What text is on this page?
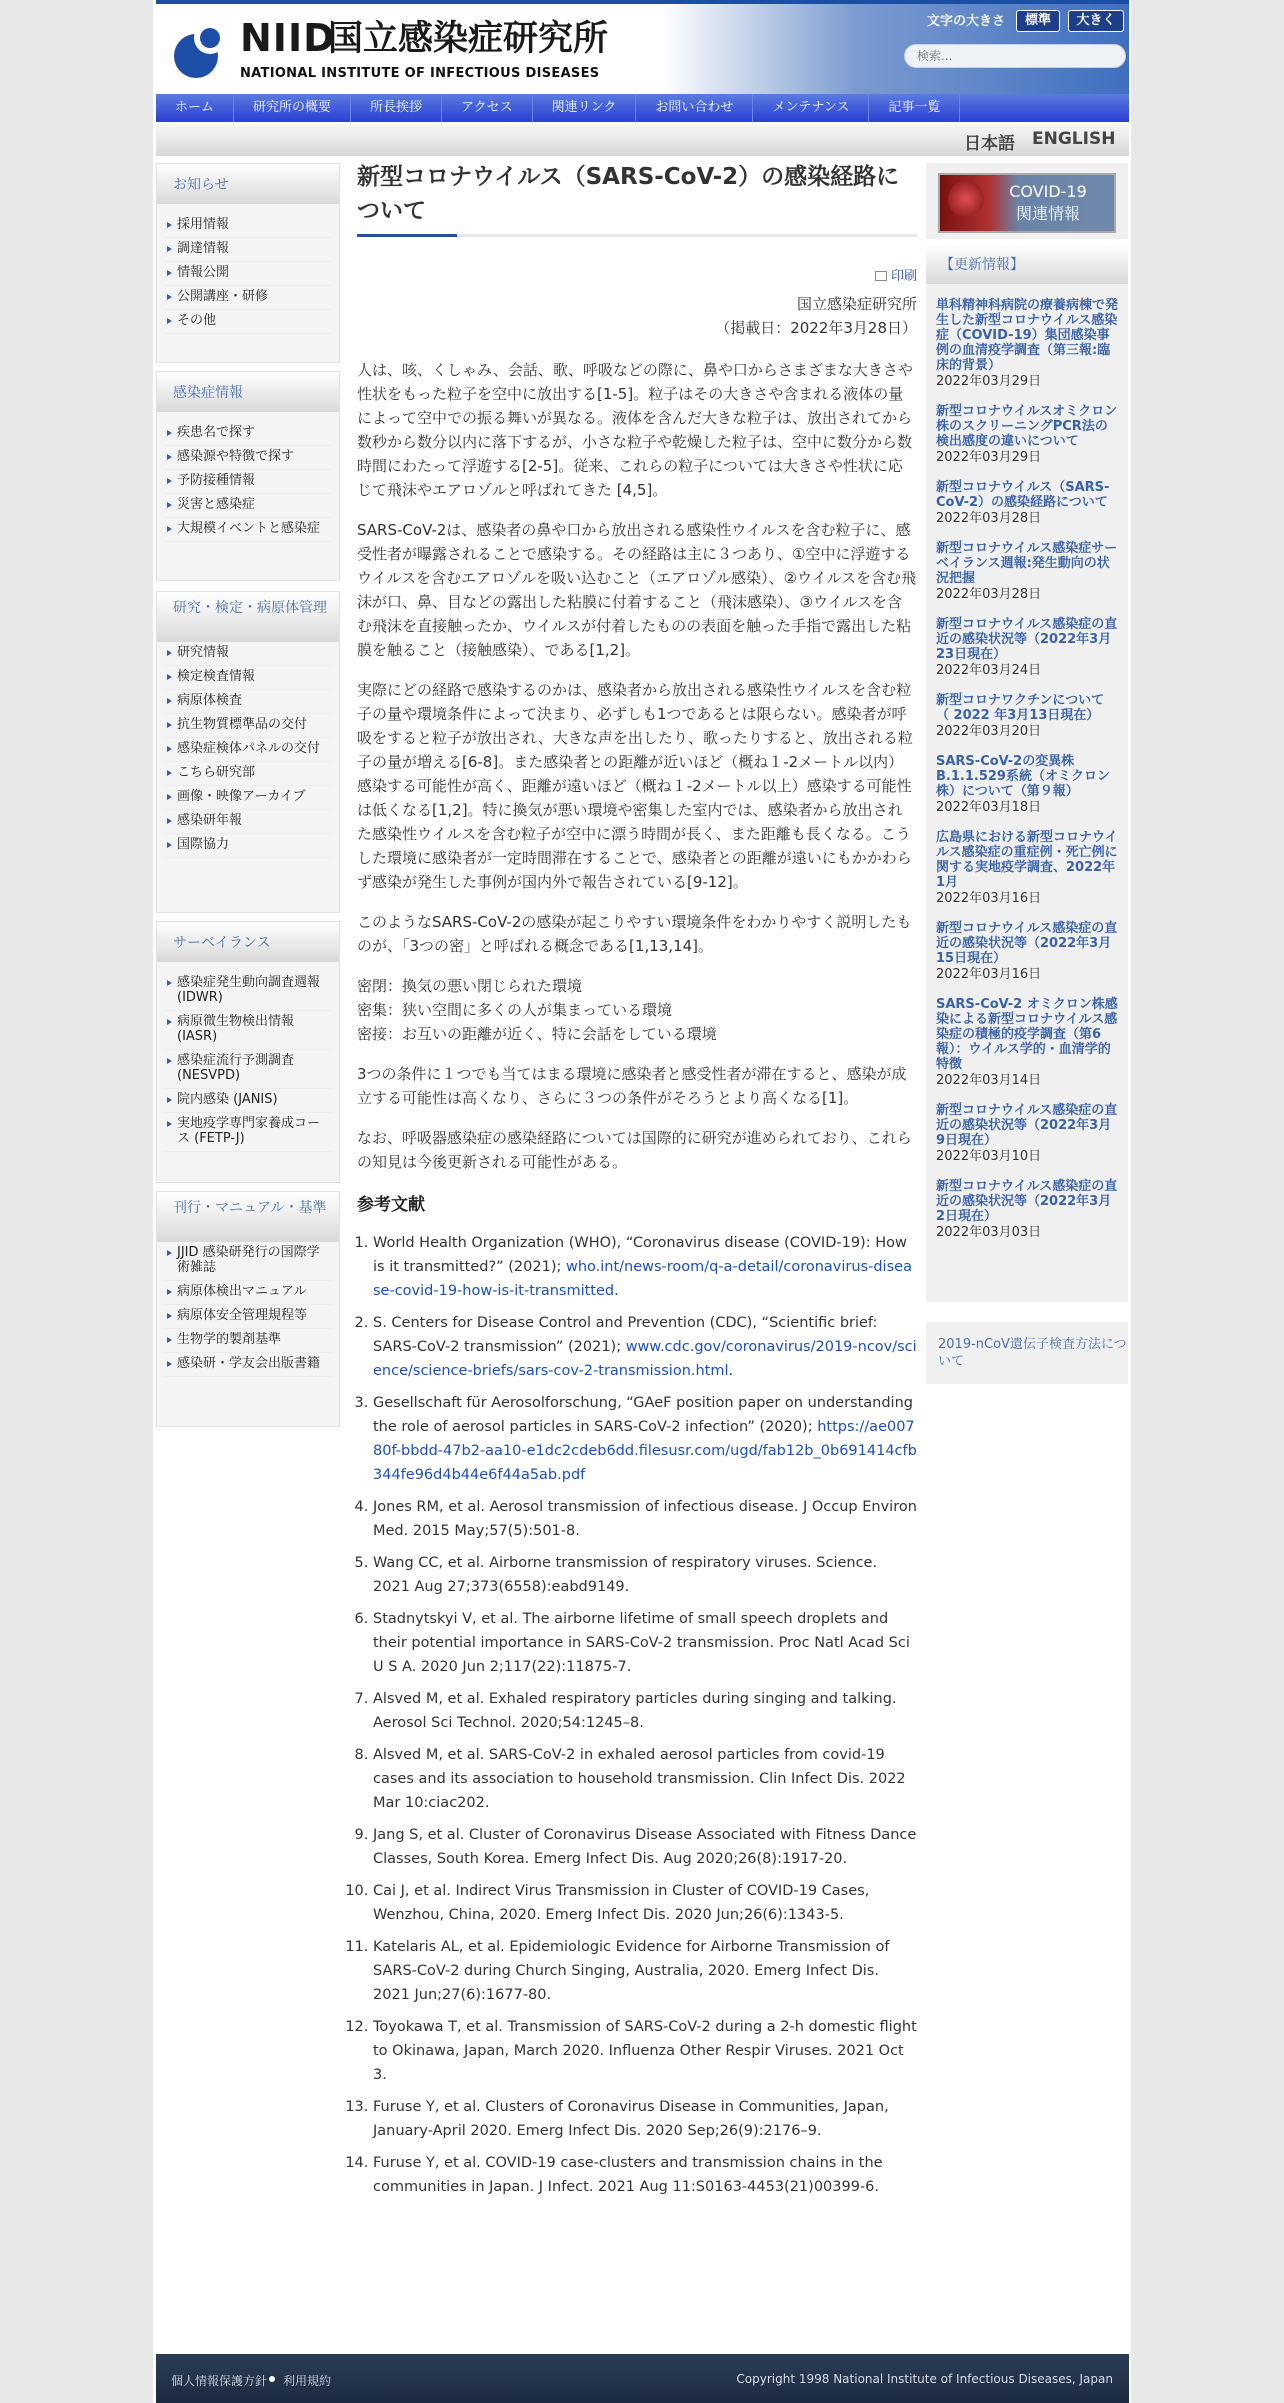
NIID
国立感染症研究所
NATIONAL INSTITUTE OF INFECTIOUS DISEASES
文字の大きさ	標準	大きく
検索...
ホーム	研究所の概要	所長挨拶	アクセス	関連リンク	お問い合わせ	メンテナンス	記事一覧
日本語 ENGLISH
お知らせ
採用情報
調達情報
情報公開
公開講座・研修
その他
感染症情報
疾患名で探す
感染源や特徴で探す
予防接種情報
災害と感染症
大規模イベントと感染症
研究・検定・病原体管理
研究情報
検定検査情報
病原体検査
抗生物質標準品の交付
感染症検体パネルの交付
こちら研究部
画像・映像アーカイブ
感染研年報
国際協力
サーベイランス
感染症発生動向調査週報 (IDWR)
病原微生物検出情報 (IASR)
感染症流行予測調査 (NESVPD)
院内感染 (JANIS)
実地疫学専門家養成コース (FETP-J)
刊行・マニュアル・基準
JJID 感染研発行の国際学術雑誌
病原体検出マニュアル
病原体安全管理規程等
生物学的製剤基準
感染研・学友会出版書籍
新型コロナウイルス（SARS-CoV-2）の感染経路について
印刷
国立感染症研究所
（掲載日：2022年3月28日）

人は、咳、くしゃみ、会話、歌、呼吸などの際に、鼻や口からさまざまな大きさや性状をもった粒子を空中に放出する[1-5]。粒子はその大きさや含まれる液体の量によって空中での振る舞いが異なる。液体を含んだ大きな粒子は、放出されてから数秒から数分以内に落下するが、小さな粒子や乾燥した粒子は、空中に数分から数時間にわたって浮遊する[2-5]。従来、これらの粒子については大きさや性状に応じて飛沫やエアロゾルと呼ばれてきた [4,5]。

SARS-CoV-2は、感染者の鼻や口から放出される感染性ウイルスを含む粒子に、感受性者が曝露されることで感染する。その経路は主に３つあり、①空中に浮遊するウイルスを含むエアロゾルを吸い込むこと（エアロゾル感染）、②ウイルスを含む飛沫が口、鼻、目などの露出した粘膜に付着すること（飛沫感染）、③ウイルスを含む飛沫を直接触ったか、ウイルスが付着したものの表面を触った手指で露出した粘膜を触ること（接触感染）、である[1,2]。

実際にどの経路で感染するのかは、感染者から放出される感染性ウイルスを含む粒子の量や環境条件によって決まり、必ずしも1つであるとは限らない。感染者が呼吸をすると粒子が放出され、大きな声を出したり、歌ったりすると、放出される粒子の量が増える[6-8]。また感染者との距離が近いほど（概ね１-2メートル以内）感染する可能性が高く、距離が遠いほど（概ね１-2メートル以上）感染する可能性は低くなる[1,2]。特に換気が悪い環境や密集した室内では、感染者から放出された感染性ウイルスを含む粒子が空中に漂う時間が長く、また距離も長くなる。こうした環境に感染者が一定時間滞在することで、感染者との距離が遠いにもかかわらず感染が発生した事例が国内外で報告されている[9-12]。

このようなSARS-CoV-2の感染が起こりやすい環境条件をわかりやすく説明したものが、「3つの密」と呼ばれる概念である[1,13,14]。

密閉：換気の悪い閉じられた環境
密集：狭い空間に多くの人が集まっている環境
密接：お互いの距離が近く、特に会話をしている環境

3つの条件に１つでも当てはまる環境に感染者と感受性者が滞在すると、感染が成立する可能性は高くなり、さらに３つの条件がそろうとより高くなる[1]。

なお、呼吸器感染症の感染経路については国際的に研究が進められており、これらの知見は今後更新される可能性がある。

参考文献
1. World Health Organization (WHO), “Coronavirus disease (COVID-19): How is it transmitted?” (2021); who.int/news-room/q-a-detail/coronavirus-disease-covid-19-how-is-it-transmitted.
2. S. Centers for Disease Control and Prevention (CDC), “Scientific brief: SARS-CoV-2 transmission” (2021); www.cdc.gov/coronavirus/2019-ncov/science/science-briefs/sars-cov-2-transmission.html.
3. Gesellschaft für Aerosolforschung, “GAeF position paper on understanding the role of aerosol particles in SARS-CoV-2 infection” (2020); https://ae00780f-bbdd-47b2-aa10-e1dc2cdeb6dd.filesusr.com/ugd/fab12b_0b691414cfb344fe96d4b44e6f44a5ab.pdf
4. Jones RM, et al. Aerosol transmission of infectious disease. J Occup Environ Med. 2015 May;57(5):501-8.
5. Wang CC, et al. Airborne transmission of respiratory viruses. Science. 2021 Aug 27;373(6558):eabd9149.
6. Stadnytskyi V, et al. The airborne lifetime of small speech droplets and their potential importance in SARS-CoV-2 transmission. Proc Natl Acad Sci U S A. 2020 Jun 2;117(22):11875-7.
7. Alsved M, et al. Exhaled respiratory particles during singing and talking. Aerosol Sci Technol. 2020;54:1245–8.
8. Alsved M, et al. SARS-CoV-2 in exhaled aerosol particles from covid-19 cases and its association to household transmission. Clin Infect Dis. 2022 Mar 10:ciac202.
9. Jang S, et al. Cluster of Coronavirus Disease Associated with Fitness Dance Classes, South Korea. Emerg Infect Dis. Aug 2020;26(8):1917-20.
10. Cai J, et al. Indirect Virus Transmission in Cluster of COVID-19 Cases, Wenzhou, China, 2020. Emerg Infect Dis. 2020 Jun;26(6):1343-5.
11. Katelaris AL, et al. Epidemiologic Evidence for Airborne Transmission of SARS-CoV-2 during Church Singing, Australia, 2020. Emerg Infect Dis. 2021 Jun;27(6):1677-80.
12. Toyokawa T, et al. Transmission of SARS-CoV-2 during a 2-h domestic flight to Okinawa, Japan, March 2020. Influenza Other Respir Viruses. 2021 Oct 3.
13. Furuse Y, et al. Clusters of Coronavirus Disease in Communities, Japan, January-April 2020. Emerg Infect Dis. 2020 Sep;26(9):2176–9.
14. Furuse Y, et al. COVID-19 case-clusters and transmission chains in the communities in Japan. J Infect. 2021 Aug 11:S0163-4453(21)00399-6.
COVID-19
関連情報
【更新情報】
単科精神科病院の療養病棟で発生した新型コロナウイルス感染症（COVID-19）集団感染事例の血清疫学調査（第三報:臨床的背景）
2022年03月29日
新型コロナウイルスオミクロン株のスクリーニングPCR法の検出感度の違いについて
2022年03月29日
新型コロナウイルス（SARS-CoV-2）の感染経路について
2022年03月28日
新型コロナウイルス感染症サーベイランス週報:発生動向の状況把握
2022年03月28日
新型コロナウイルス感染症の直近の感染状況等（2022年3月23日現在）
2022年03月24日
新型コロナワクチンについて （ 2022 年3月13日現在）
2022年03月20日
SARS-CoV-2の変異株B.1.1.529系統（オミクロン株）について（第９報）
2022年03月18日
広島県における新型コロナウイルス感染症の重症例・死亡例に関する実地疫学調査、2022年1月
2022年03月16日
新型コロナウイルス感染症の直近の感染状況等（2022年3月15日現在）
2022年03月16日
SARS-CoV-2 オミクロン株感染による新型コロナウイルス感染症の積極的疫学調査（第6報）：ウイルス学的・血清学的特徴
2022年03月14日
新型コロナウイルス感染症の直近の感染状況等（2022年3月9日現在）
2022年03月10日
新型コロナウイルス感染症の直近の感染状況等（2022年3月2日現在）
2022年03月03日
2019-nCoV遺伝子検査方法について
個人情報保護方針 利用規約	Copyright 1998 National Institute of Infectious Diseases, Japan
